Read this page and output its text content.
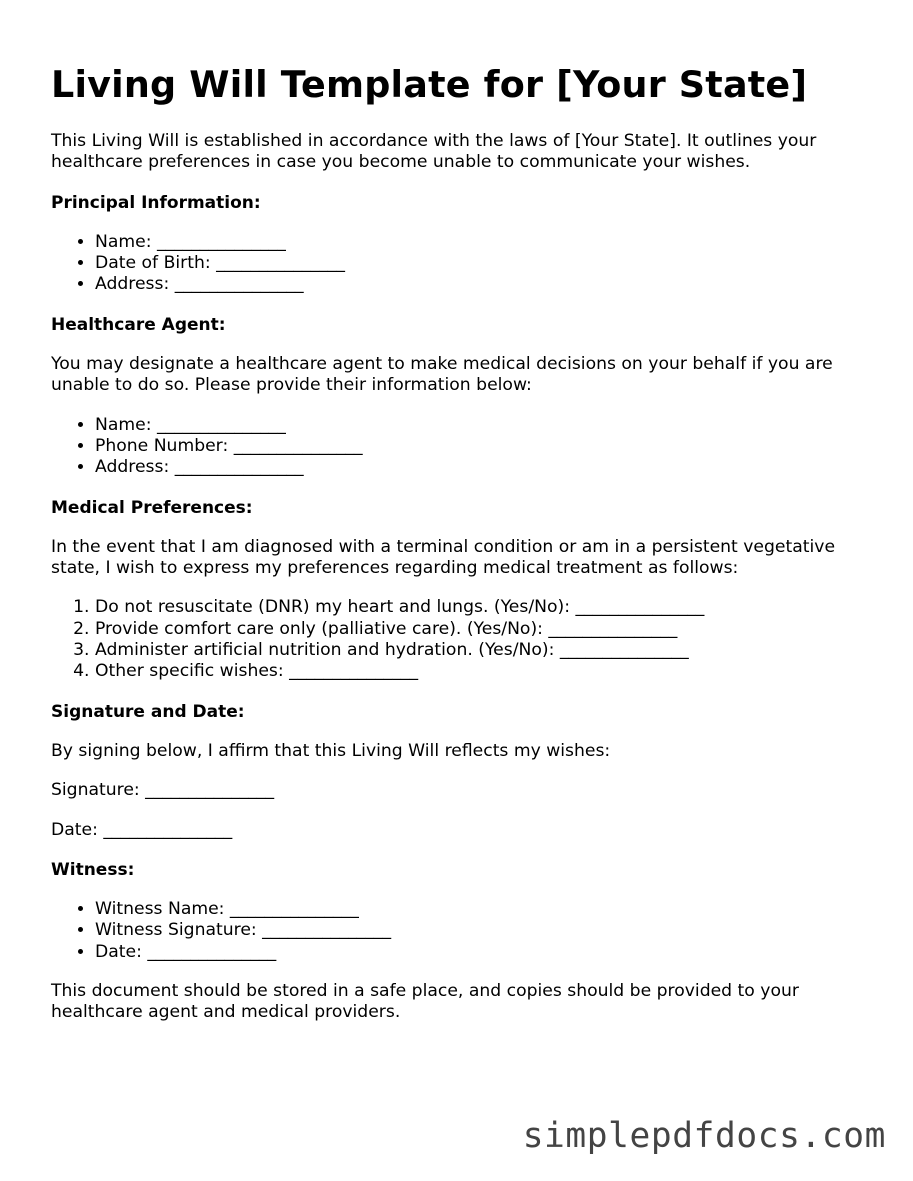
Living Will Template for [Your State]

This Living Will is established in accordance with the laws of [Your State]. It outlines your healthcare preferences in case you become unable to communicate your wishes.

Principal Information:

• Name: _______________
• Date of Birth: _______________
• Address: _______________

Healthcare Agent:

You may designate a healthcare agent to make medical decisions on your behalf if you are unable to do so. Please provide their information below:

• Name: _______________
• Phone Number: _______________
• Address: _______________

Medical Preferences:

In the event that I am diagnosed with a terminal condition or am in a persistent vegetative state, I wish to express my preferences regarding medical treatment as follows:

1. Do not resuscitate (DNR) my heart and lungs. (Yes/No): _______________
2. Provide comfort care only (palliative care). (Yes/No): _______________
3. Administer artificial nutrition and hydration. (Yes/No): _______________
4. Other specific wishes: _______________

Signature and Date:

By signing below, I affirm that this Living Will reflects my wishes:

Signature: _______________

Date: _______________

Witness:

• Witness Name: _______________
• Witness Signature: _______________
• Date: _______________

This document should be stored in a safe place, and copies should be provided to your healthcare agent and medical providers.

simplepdfdocs.com
